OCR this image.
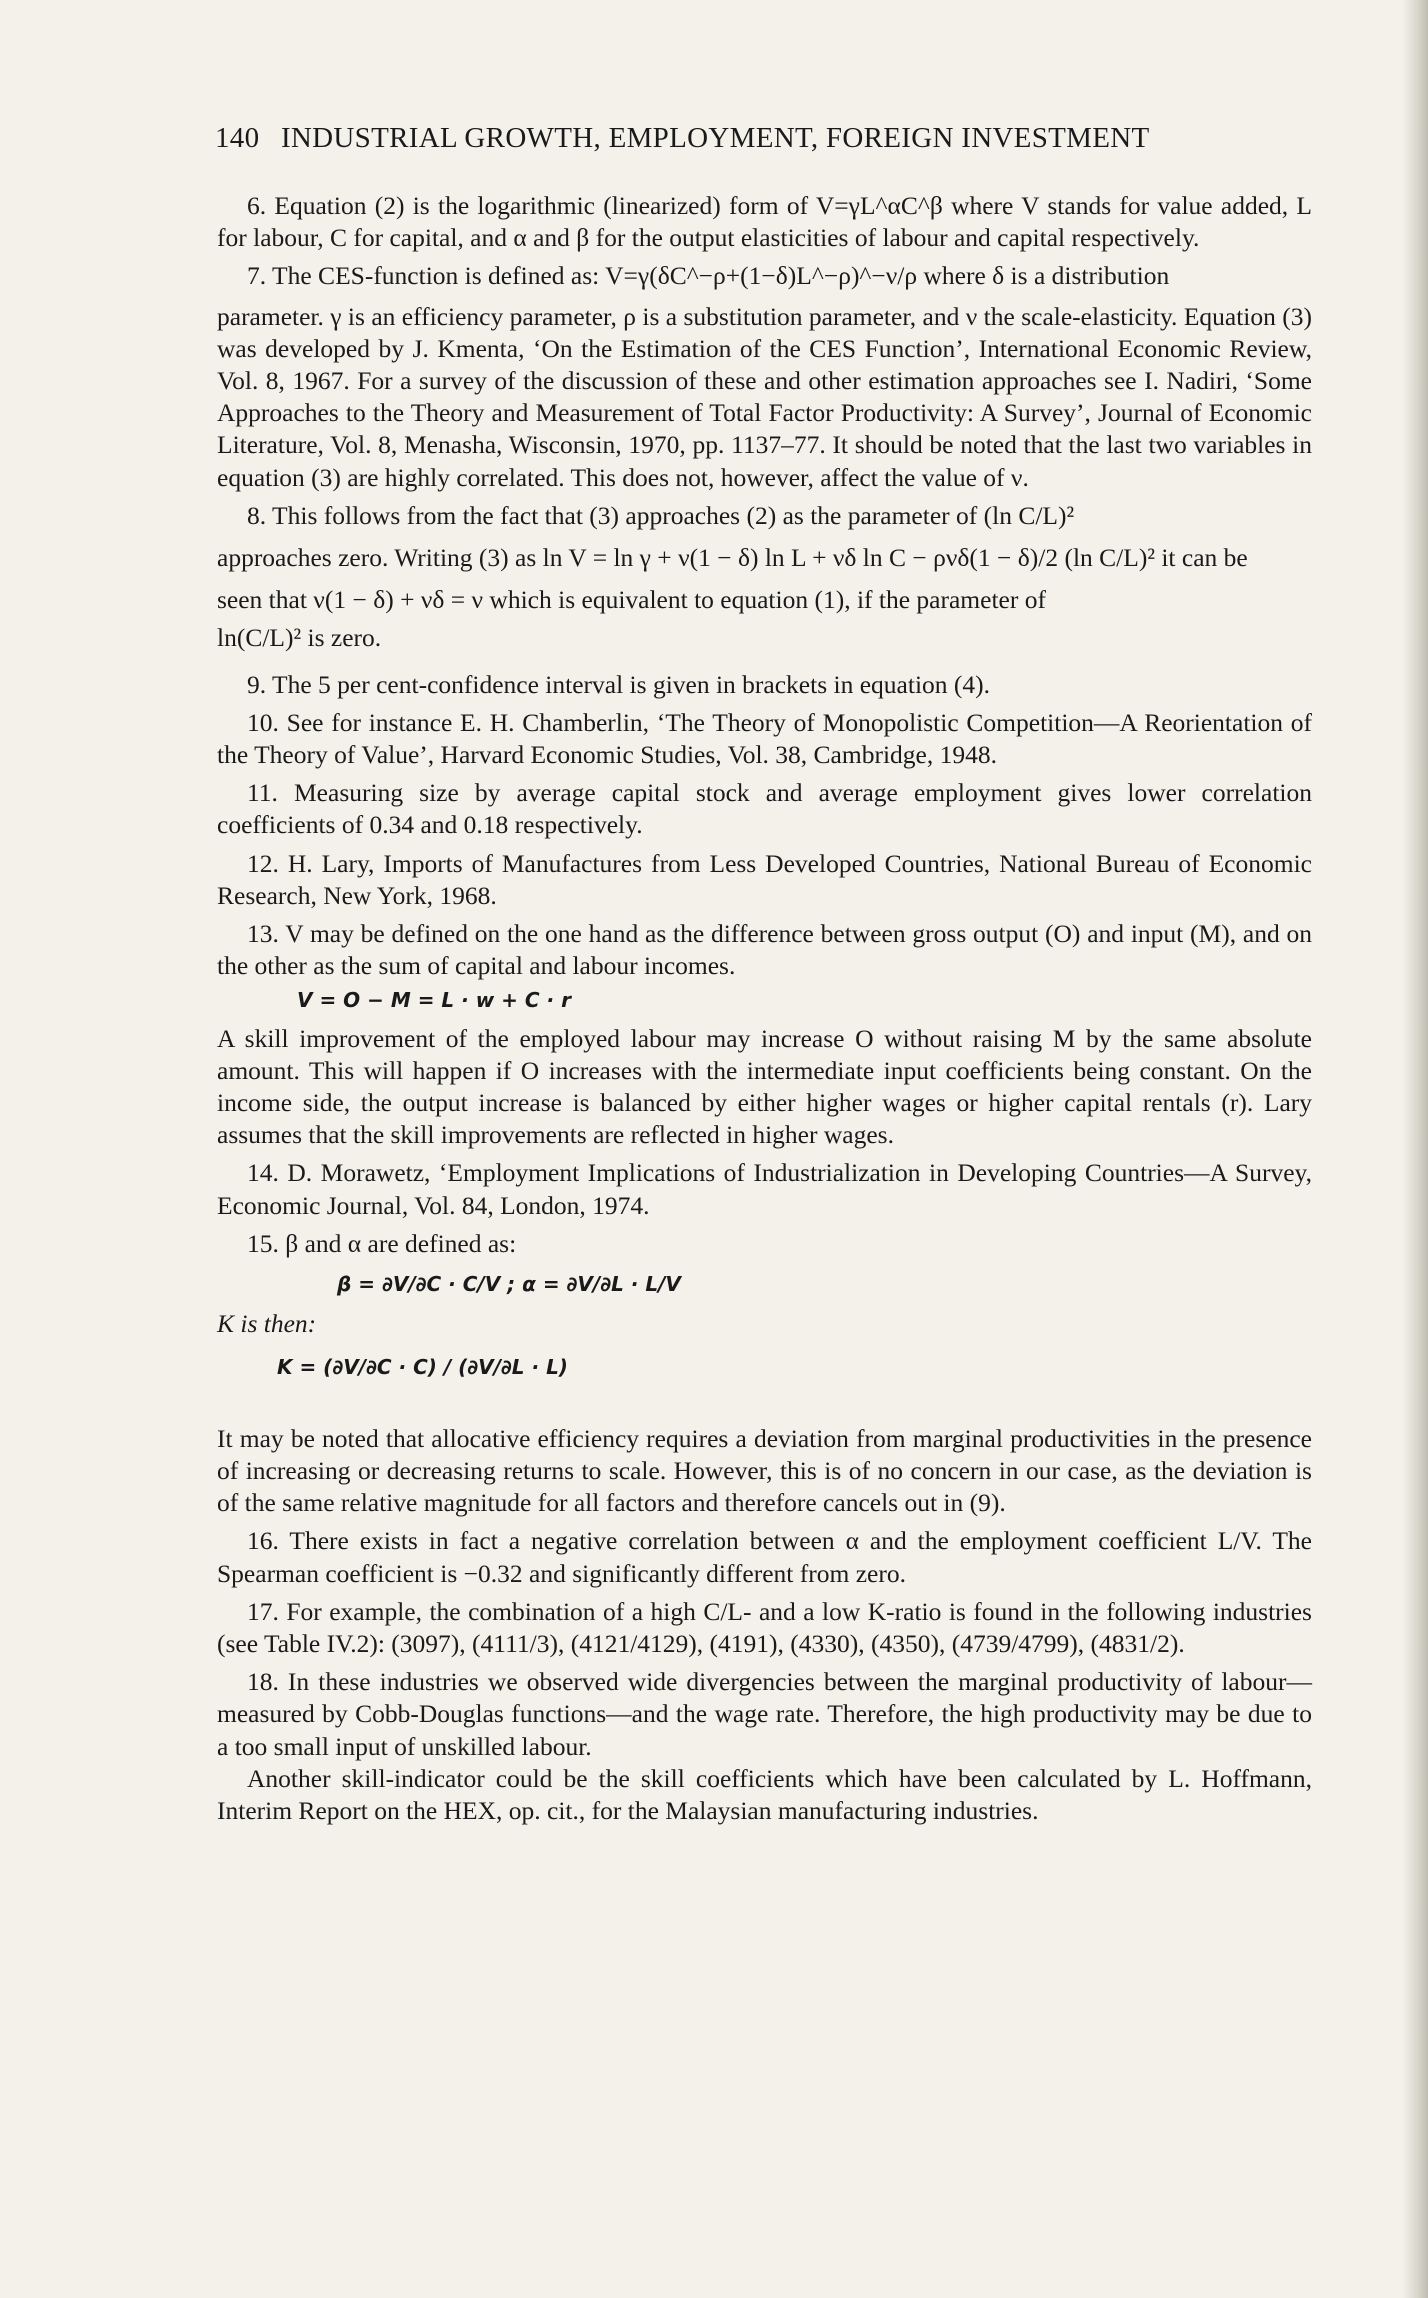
140 INDUSTRIAL GROWTH, EMPLOYMENT, FOREIGN INVESTMENT

6. Equation (2) is the logarithmic (linearized) form of V=γL^αC^β where V stands for value added, L for labour, C for capital, and α and β for the output elasticities of labour and capital respectively.

7. The CES-function is defined as: V=γ(δC^−ρ+(1−δ)L^−ρ)^−ν/ρ where δ is a distribution

parameter. γ is an efficiency parameter, ρ is a substitution parameter, and ν the scale-elasticity. Equation (3) was developed by J. Kmenta, ‘On the Estimation of the CES Function’, International Economic Review, Vol. 8, 1967. For a survey of the discussion of these and other estimation approaches see I. Nadiri, ‘Some Approaches to the Theory and Measurement of Total Factor Productivity: A Survey’, Journal of Economic Literature, Vol. 8, Menasha, Wisconsin, 1970, pp. 1137–77. It should be noted that the last two variables in equation (3) are highly correlated. This does not, however, affect the value of ν.

8. This follows from the fact that (3) approaches (2) as the parameter of (ln C/L)²

approaches zero. Writing (3) as ln V = ln γ + ν(1 − δ) ln L + νδ ln C − ρνδ(1 − δ)/2 (ln C/L)² it can be

seen that ν(1 − δ) + νδ = ν which is equivalent to equation (1), if the parameter of

ln(C/L)² is zero.

9. The 5 per cent-confidence interval is given in brackets in equation (4).

10. See for instance E. H. Chamberlin, ‘The Theory of Monopolistic Competition—A Reorientation of the Theory of Value’, Harvard Economic Studies, Vol. 38, Cambridge, 1948.

11. Measuring size by average capital stock and average employment gives lower correlation coefficients of 0.34 and 0.18 respectively.

12. H. Lary, Imports of Manufactures from Less Developed Countries, National Bureau of Economic Research, New York, 1968.

13. V may be defined on the one hand as the difference between gross output (O) and input (M), and on the other as the sum of capital and labour incomes.

V = O − M = L · w + C · r

A skill improvement of the employed labour may increase O without raising M by the same absolute amount. This will happen if O increases with the intermediate input coefficients being constant. On the income side, the output increase is balanced by either higher wages or higher capital rentals (r). Lary assumes that the skill improvements are reflected in higher wages.

14. D. Morawetz, ‘Employment Implications of Industrialization in Developing Countries—A Survey, Economic Journal, Vol. 84, London, 1974.

15. β and α are defined as:

β = ∂V/∂C · C/V ; α = ∂V/∂L · L/V

K is then:

K = (∂V/∂C · C) / (∂V/∂L · L)

It may be noted that allocative efficiency requires a deviation from marginal productivities in the presence of increasing or decreasing returns to scale. However, this is of no concern in our case, as the deviation is of the same relative magnitude for all factors and therefore cancels out in (9).

16. There exists in fact a negative correlation between α and the employment coefficient L/V. The Spearman coefficient is −0.32 and significantly different from zero.

17. For example, the combination of a high C/L- and a low K-ratio is found in the following industries (see Table IV.2): (3097), (4111/3), (4121/4129), (4191), (4330), (4350), (4739/4799), (4831/2).

18. In these industries we observed wide divergencies between the marginal productivity of labour—measured by Cobb-Douglas functions—and the wage rate. Therefore, the high productivity may be due to a too small input of unskilled labour.

Another skill-indicator could be the skill coefficients which have been calculated by L. Hoffmann, Interim Report on the HEX, op. cit., for the Malaysian manufacturing industries.
